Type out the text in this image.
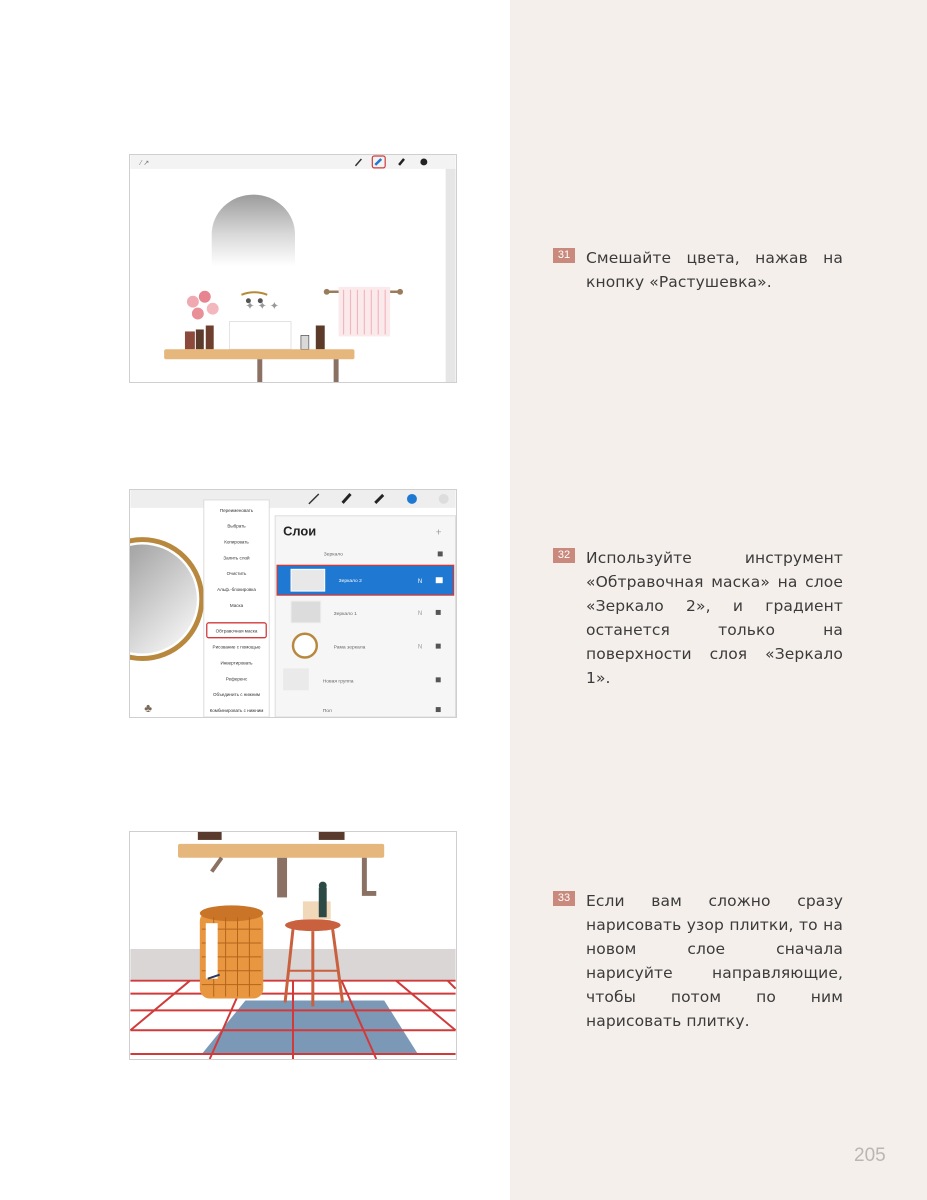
⁄ ↗
✦ ✦ ✦
31	Смешайте цвета, нажав на кнопку «Растушевка».
♣
Переименовать
Выбрать
Копировать
Залить слой
Очистить
Альф.-блокировка
Маска
Обтравочная маска
Рисование с помощью
Инвертировать
Референс
Объединить с нижним
Комбинировать с нижним
Слои	+
Зеркало
Зеркало 2	N
Зеркало 1	N
Рама зеркала	N
Новая группа
Пол
32	Используйте инструмент «Обтравочная маска» на слое «Зеркало 2», и градиент останется только на поверхности слоя «Зеркало 1».
33	Если вам сложно сразу нарисовать узор плитки, то на новом слое сначала нарисуйте направляющие, чтобы потом по ним нарисовать плитку.
205
